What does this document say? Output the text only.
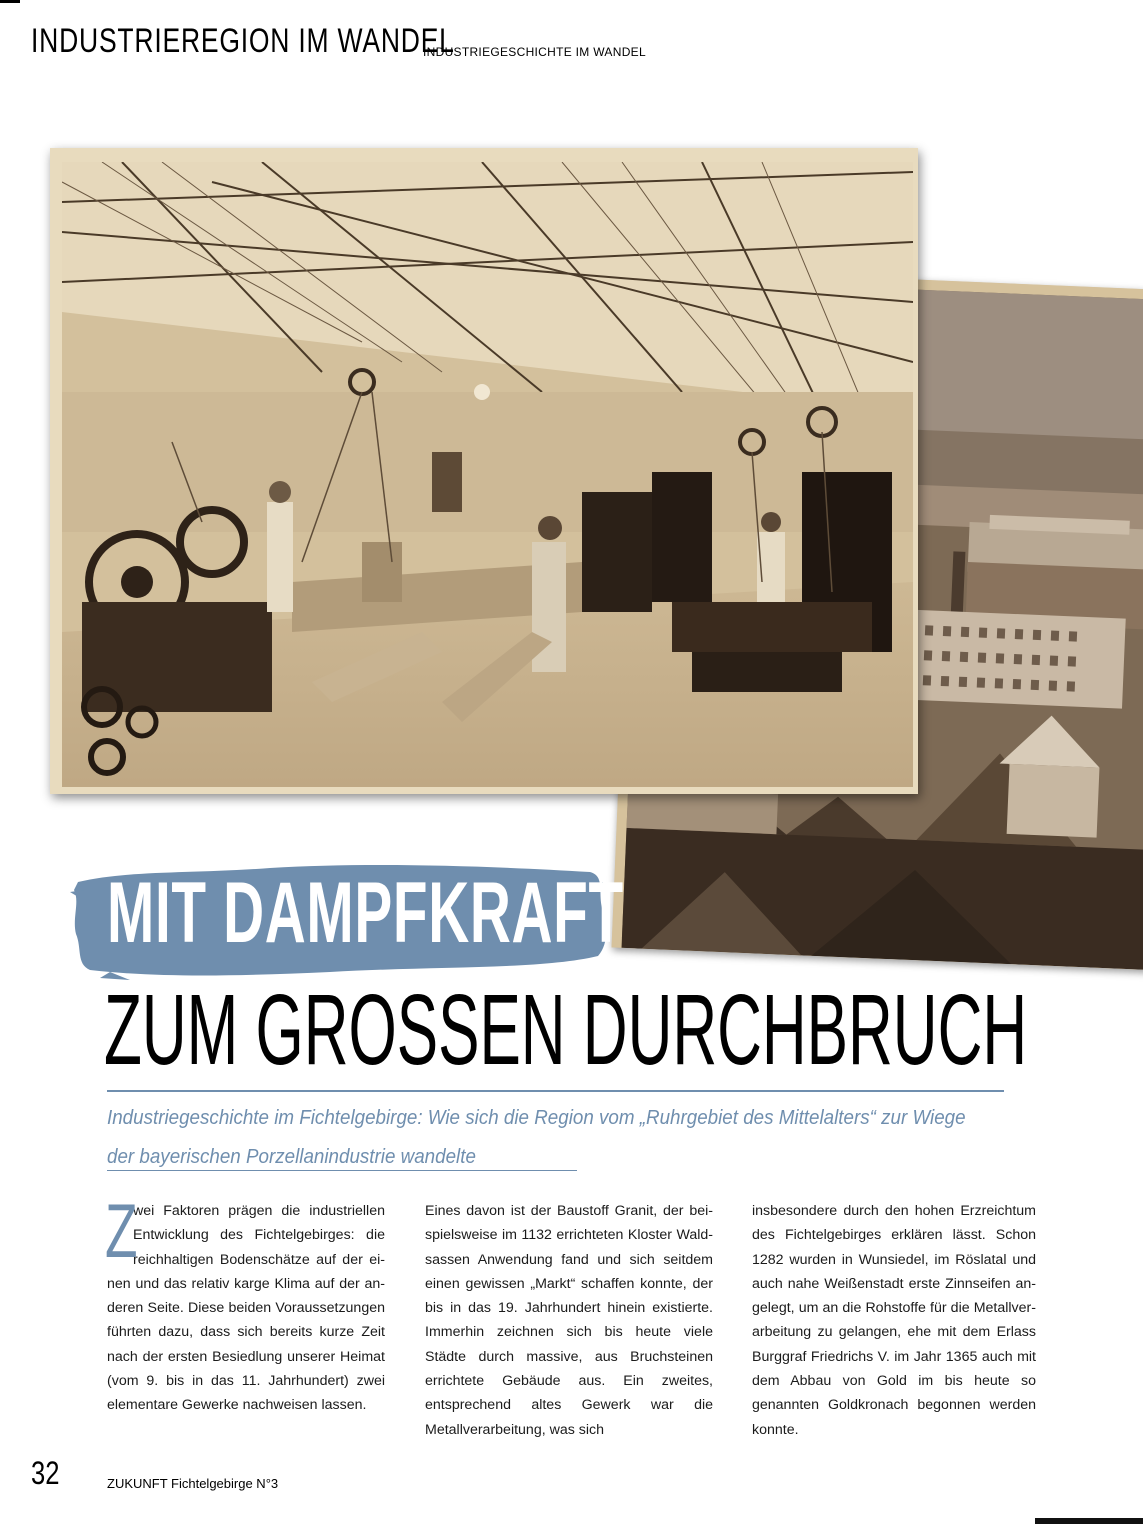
INDUSTRIEREGION IM WANDEL

INDUSTRIEGESCHICHTE IM WANDEL

MIT DAMPFKRAFT
ZUM GROSSEN DURCHBRUCH

Industriegeschichte im Fichtelgebirge: Wie sich die Region vom „Ruhrgebiet des Mittelalters“ zur Wiege der bayerischen Porzellanindustrie wandelte

Z
wei Faktoren prägen die industriellen Entwicklung des Fichtelgebirges: die reichhaltigen Bodenschätze auf der einen und das relativ karge Klima auf der anderen Seite. Diese beiden Voraussetzungen führten dazu, dass sich bereits kurze Zeit nach der ersten Besiedlung unserer Heimat (vom 9. bis in das 11. Jahrhundert) zwei elementare Gewerke nachweisen lassen.

Eines davon ist der Baustoff Granit, der beispielsweise im 1132 errichteten Kloster Waldsassen Anwendung fand und sich seitdem einen gewissen „Markt“ schaffen konnte, der bis in das 19. Jahrhundert hinein existierte. Immerhin zeichnen sich bis heute viele Städte durch massive, aus Bruchsteinen errichtete Gebäude aus. Ein zweites, entsprechend altes Gewerk war die Metallverarbeitung, was sich

insbesondere durch den hohen Erzreichtum des Fichtelgebirges erklären lässt. Schon 1282 wurden in Wunsiedel, im Röslatal und auch nahe Weißenstadt erste Zinnseifen angelegt, um an die Rohstoffe für die Metallverarbeitung zu gelangen, ehe mit dem Erlass Burggraf Friedrichs V. im Jahr 1365 auch mit dem Abbau von Gold im bis heute so genannten Goldkronach begonnen werden konnte.

32	ZUKUNFT Fichtelgebirge N°3
